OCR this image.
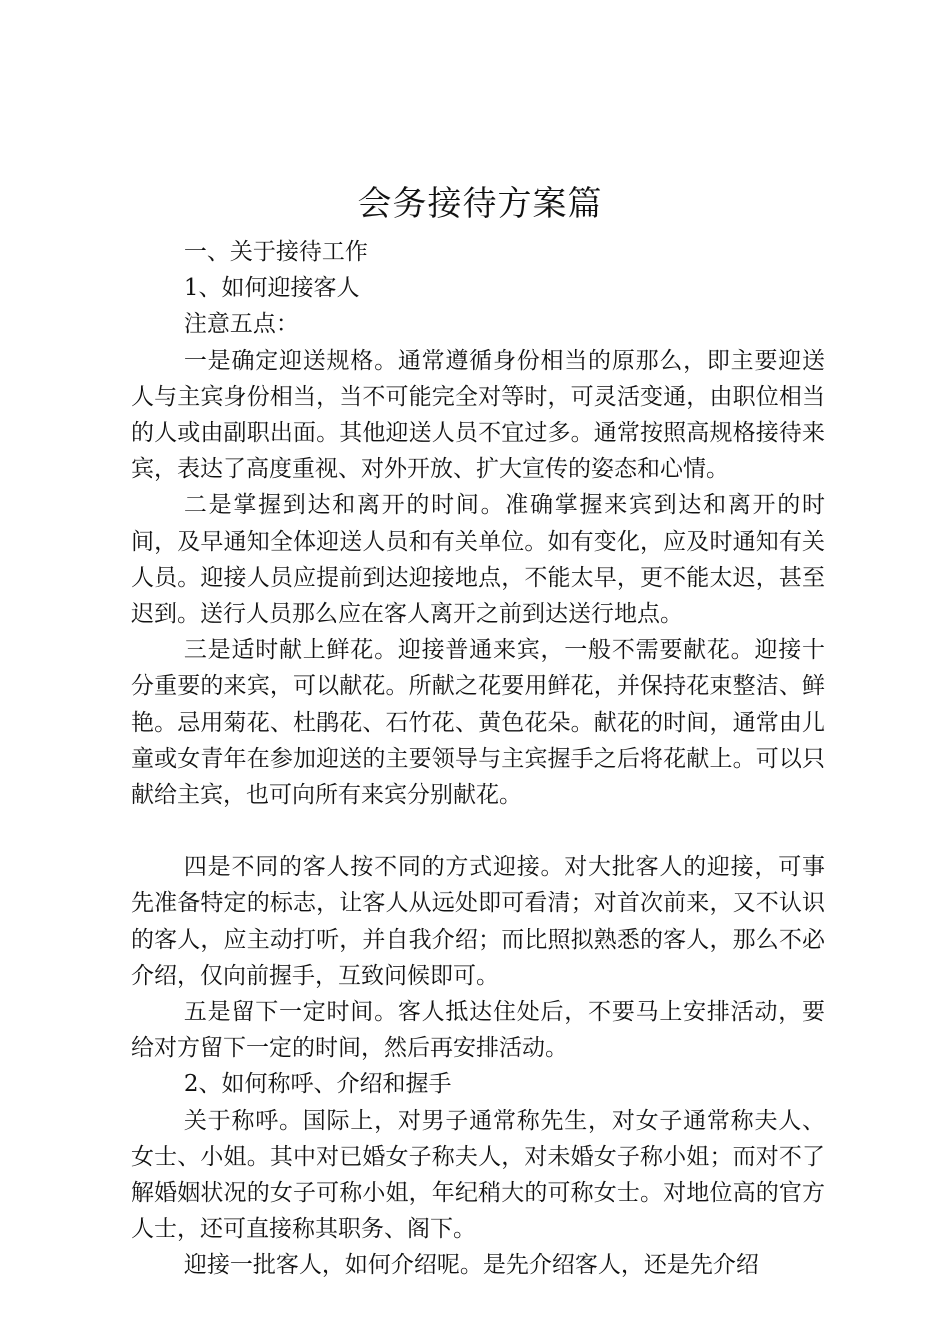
会务接待方案篇

一、关于接待工作

1、如何迎接客人

注意五点：

一是确定迎送规格。通常遵循身份相当的原那么，即主要迎送人与主宾身份相当，当不可能完全对等时，可灵活变通，由职位相当的人或由副职出面。其他迎送人员不宜过多。通常按照高规格接待来宾，表达了高度重视、对外开放、扩大宣传的姿态和心情。

二是掌握到达和离开的时间。准确掌握来宾到达和离开的时间，及早通知全体迎送人员和有关单位。如有变化，应及时通知有关人员。迎接人员应提前到达迎接地点，不能太早，更不能太迟，甚至迟到。送行人员那么应在客人离开之前到达送行地点。

三是适时献上鲜花。迎接普通来宾，一般不需要献花。迎接十分重要的来宾，可以献花。所献之花要用鲜花，并保持花束整洁、鲜艳。忌用菊花、杜鹃花、石竹花、黄色花朵。献花的时间，通常由儿童或女青年在参加迎送的主要领导与主宾握手之后将花献上。可以只献给主宾，也可向所有来宾分别献花。

四是不同的客人按不同的方式迎接。对大批客人的迎接，可事先准备特定的标志，让客人从远处即可看清；对首次前来，又不认识的客人，应主动打听，并自我介绍；而比照拟熟悉的客人，那么不必介绍，仅向前握手，互致问候即可。

五是留下一定时间。客人抵达住处后，不要马上安排活动，要给对方留下一定的时间，然后再安排活动。

2、如何称呼、介绍和握手

关于称呼。国际上，对男子通常称先生，对女子通常称夫人、女士、小姐。其中对已婚女子称夫人，对未婚女子称小姐；而对不了解婚姻状况的女子可称小姐，年纪稍大的可称女士。对地位高的官方人士，还可直接称其职务、阁下。

迎接一批客人，如何介绍呢。是先介绍客人，还是先介绍
